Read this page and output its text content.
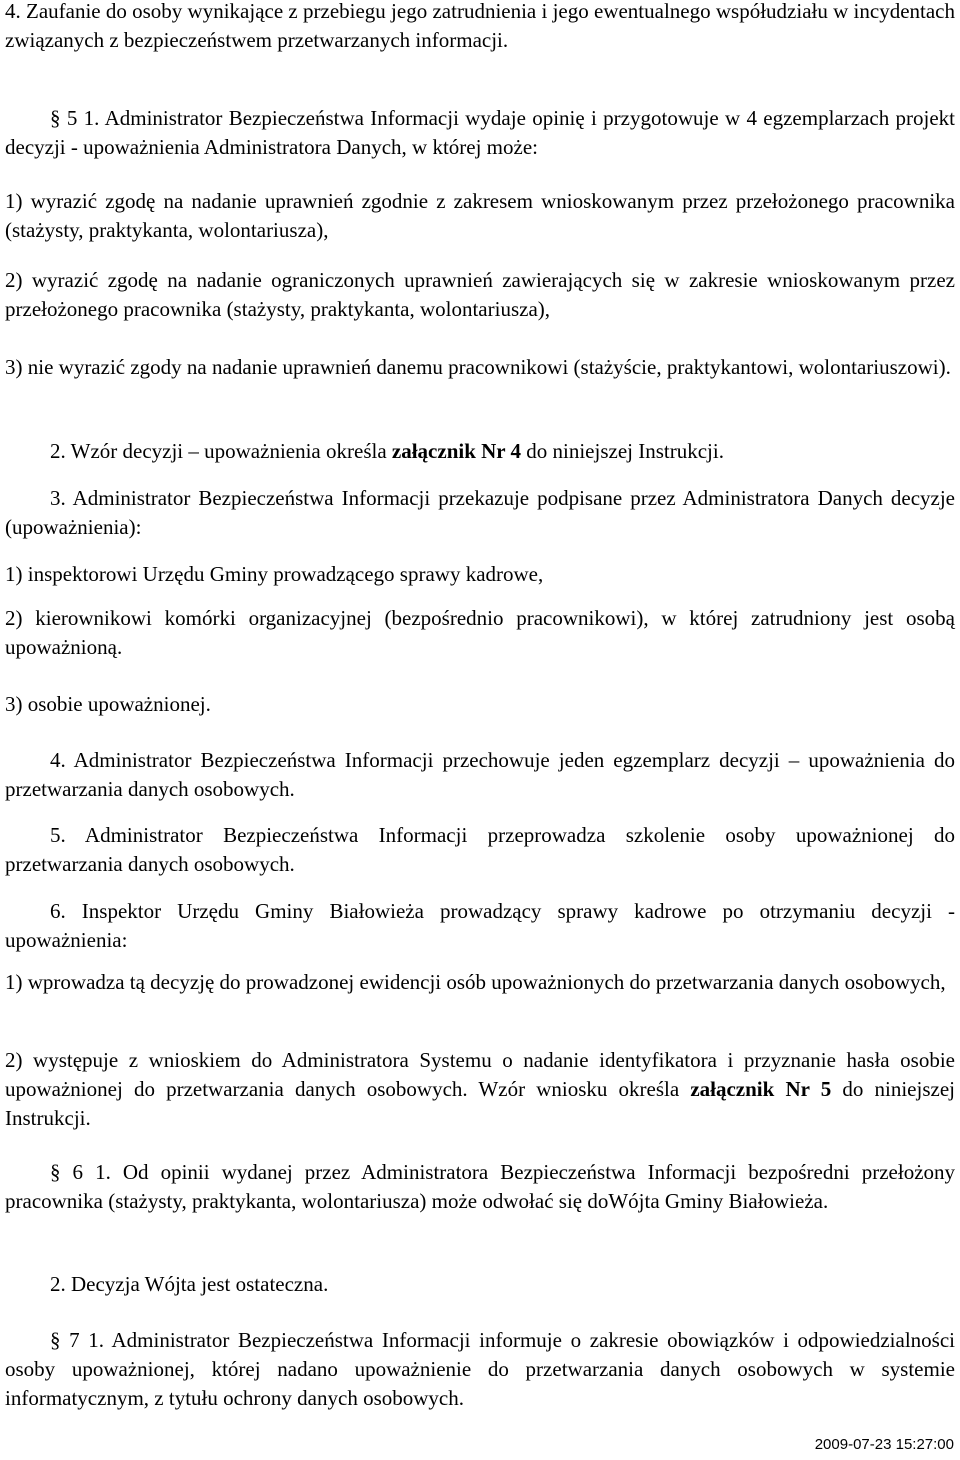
4. Zaufanie do osoby wynikające z przebiegu jego zatrudnienia i jego ewentualnego współudziału w incydentach związanych z bezpieczeństwem przetwarzanych informacji.

§ 5 1. Administrator Bezpieczeństwa Informacji wydaje opinię i przygotowuje w 4 egzemplarzach projekt decyzji - upoważnienia Administratora Danych, w której może:

1) wyrazić zgodę na nadanie uprawnień zgodnie z zakresem wnioskowanym przez przełożonego pracownika (stażysty, praktykanta, wolontariusza),

2) wyrazić zgodę na nadanie ograniczonych uprawnień zawierających się w zakresie wnioskowanym przez przełożonego pracownika (stażysty, praktykanta, wolontariusza),

3) nie wyrazić zgody na nadanie uprawnień danemu pracownikowi (stażyście, praktykantowi, wolontariuszowi).

2. Wzór decyzji – upoważnienia określa załącznik Nr 4 do niniejszej Instrukcji.

3. Administrator Bezpieczeństwa Informacji przekazuje podpisane przez Administratora Danych decyzje (upoważnienia):

1) inspektorowi Urzędu Gminy prowadzącego sprawy kadrowe,

2) kierownikowi komórki organizacyjnej (bezpośrednio pracownikowi), w której zatrudniony jest osobą upoważnioną.

3) osobie upoważnionej.

4. Administrator Bezpieczeństwa Informacji przechowuje jeden egzemplarz decyzji – upoważnienia do przetwarzania danych osobowych.

5. Administrator Bezpieczeństwa Informacji przeprowadza szkolenie osoby upoważnionej do przetwarzania danych osobowych.

6. Inspektor Urzędu Gminy Białowieża prowadzący sprawy kadrowe po otrzymaniu decyzji - upoważnienia:

1) wprowadza tą decyzję do prowadzonej ewidencji osób upoważnionych do przetwarzania danych osobowych,

2) występuje z wnioskiem do Administratora Systemu o nadanie identyfikatora i przyznanie hasła osobie upoważnionej do przetwarzania danych osobowych. Wzór wniosku określa załącznik Nr 5 do niniejszej Instrukcji.

§ 6 1. Od opinii wydanej przez Administratora Bezpieczeństwa Informacji bezpośredni przełożony pracownika (stażysty, praktykanta, wolontariusza) może odwołać się doWójta Gminy Białowieża.

2. Decyzja Wójta jest ostateczna.

§ 7 1. Administrator Bezpieczeństwa Informacji informuje o zakresie obowiązków i odpowiedzialności osoby upoważnionej, której nadano upoważnienie do przetwarzania danych osobowych w systemie informatycznym, z tytułu ochrony danych osobowych.

2009-07-23 15:27:00
